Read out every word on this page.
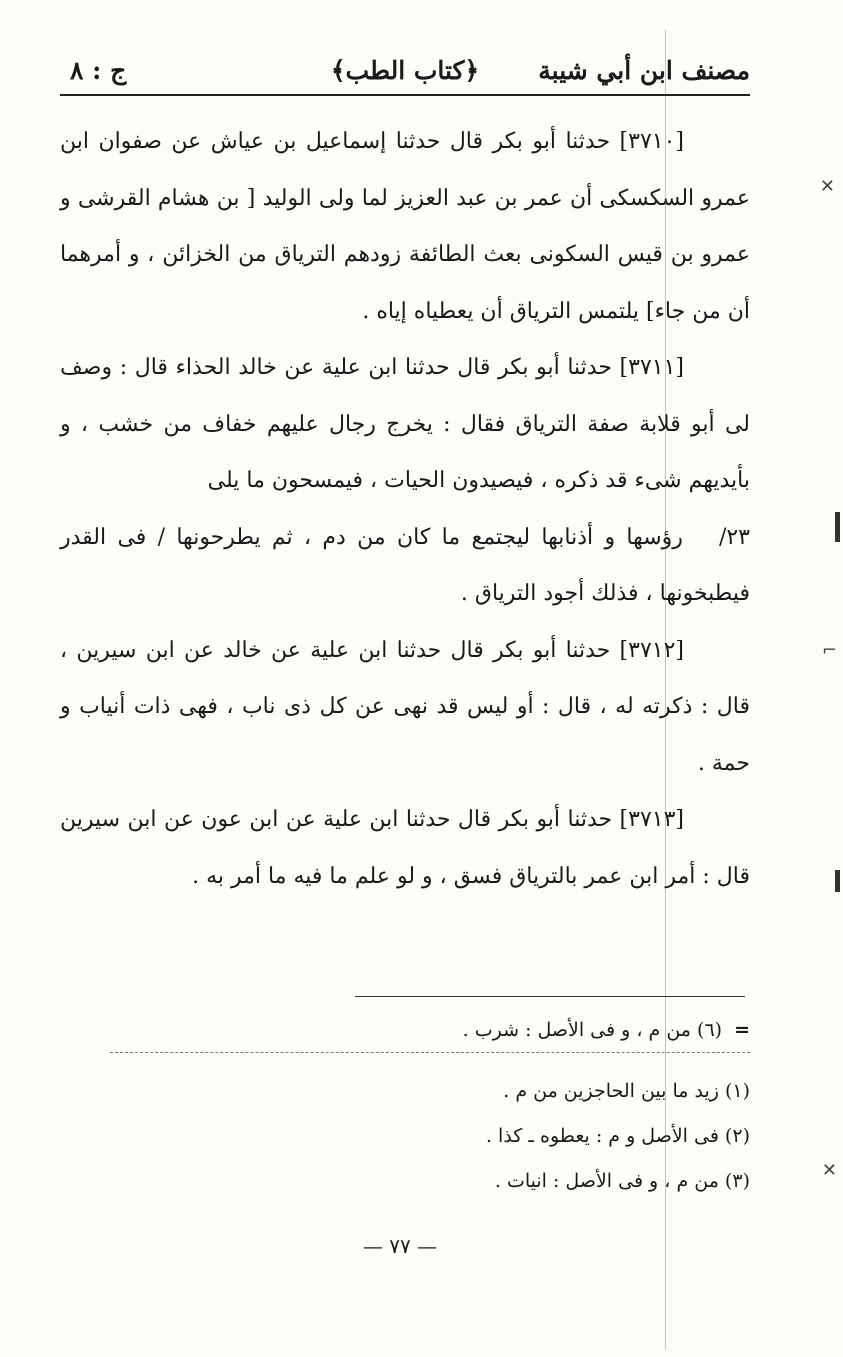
مصنف ابن أبي شيبة
﴿كتاب الطب﴾
ج : ٨

[٣٧١٠] حدثنا أبو بكر قال حدثنا إسماعيل بن عياش عن صفوان ابن عمرو السكسكى أن عمر بن عبد العزيز لما ولى الوليد [ بن هشام القرشى و عمرو بن قيس السكونى بعث الطائفة زودهم الترياق من الخزائن ، و أمرهما أن من جاء] يلتمس الترياق أن يعطياه إياه .

[٣٧١١] حدثنا أبو بكر قال حدثنا ابن علية عن خالد الحذاء قال : وصف لى أبو قلابة صفة الترياق فقال : يخرج رجال عليهم خفاف من خشب ، و بأيديهم شىء قد ذكره ، فيصيدون الحيات ، فيمسحون ما يلى

٢٣/رؤسها و أذنابها ليجتمع ما كان من دم ، ثم يطرحونها / فى القدر فيطبخونها ، فذلك أجود الترياق .

[٣٧١٢] حدثنا أبو بكر قال حدثنا ابن علية عن خالد عن ابن سيرين ، قال : ذكرته له ، قال : أو ليس قد نهى عن كل ذى ناب ، فهى ذات أنياب و حمة .

[٣٧١٣] حدثنا أبو بكر قال حدثنا ابن علية عن ابن عون عن ابن سيرين قال : أمر ابن عمر بالترياق فسق ، و لو علم ما فيه ما أمر به .

=(٦) من م ، و فى الأصل : شرب .
(١) زيد ما بين الحاجزين من م .
(٢) فى الأصل و م : يعطوه ـ كذا .
(٣) من م ، و فى الأصل : انيات .
— ٧٧ —
✕
⌐
✕
